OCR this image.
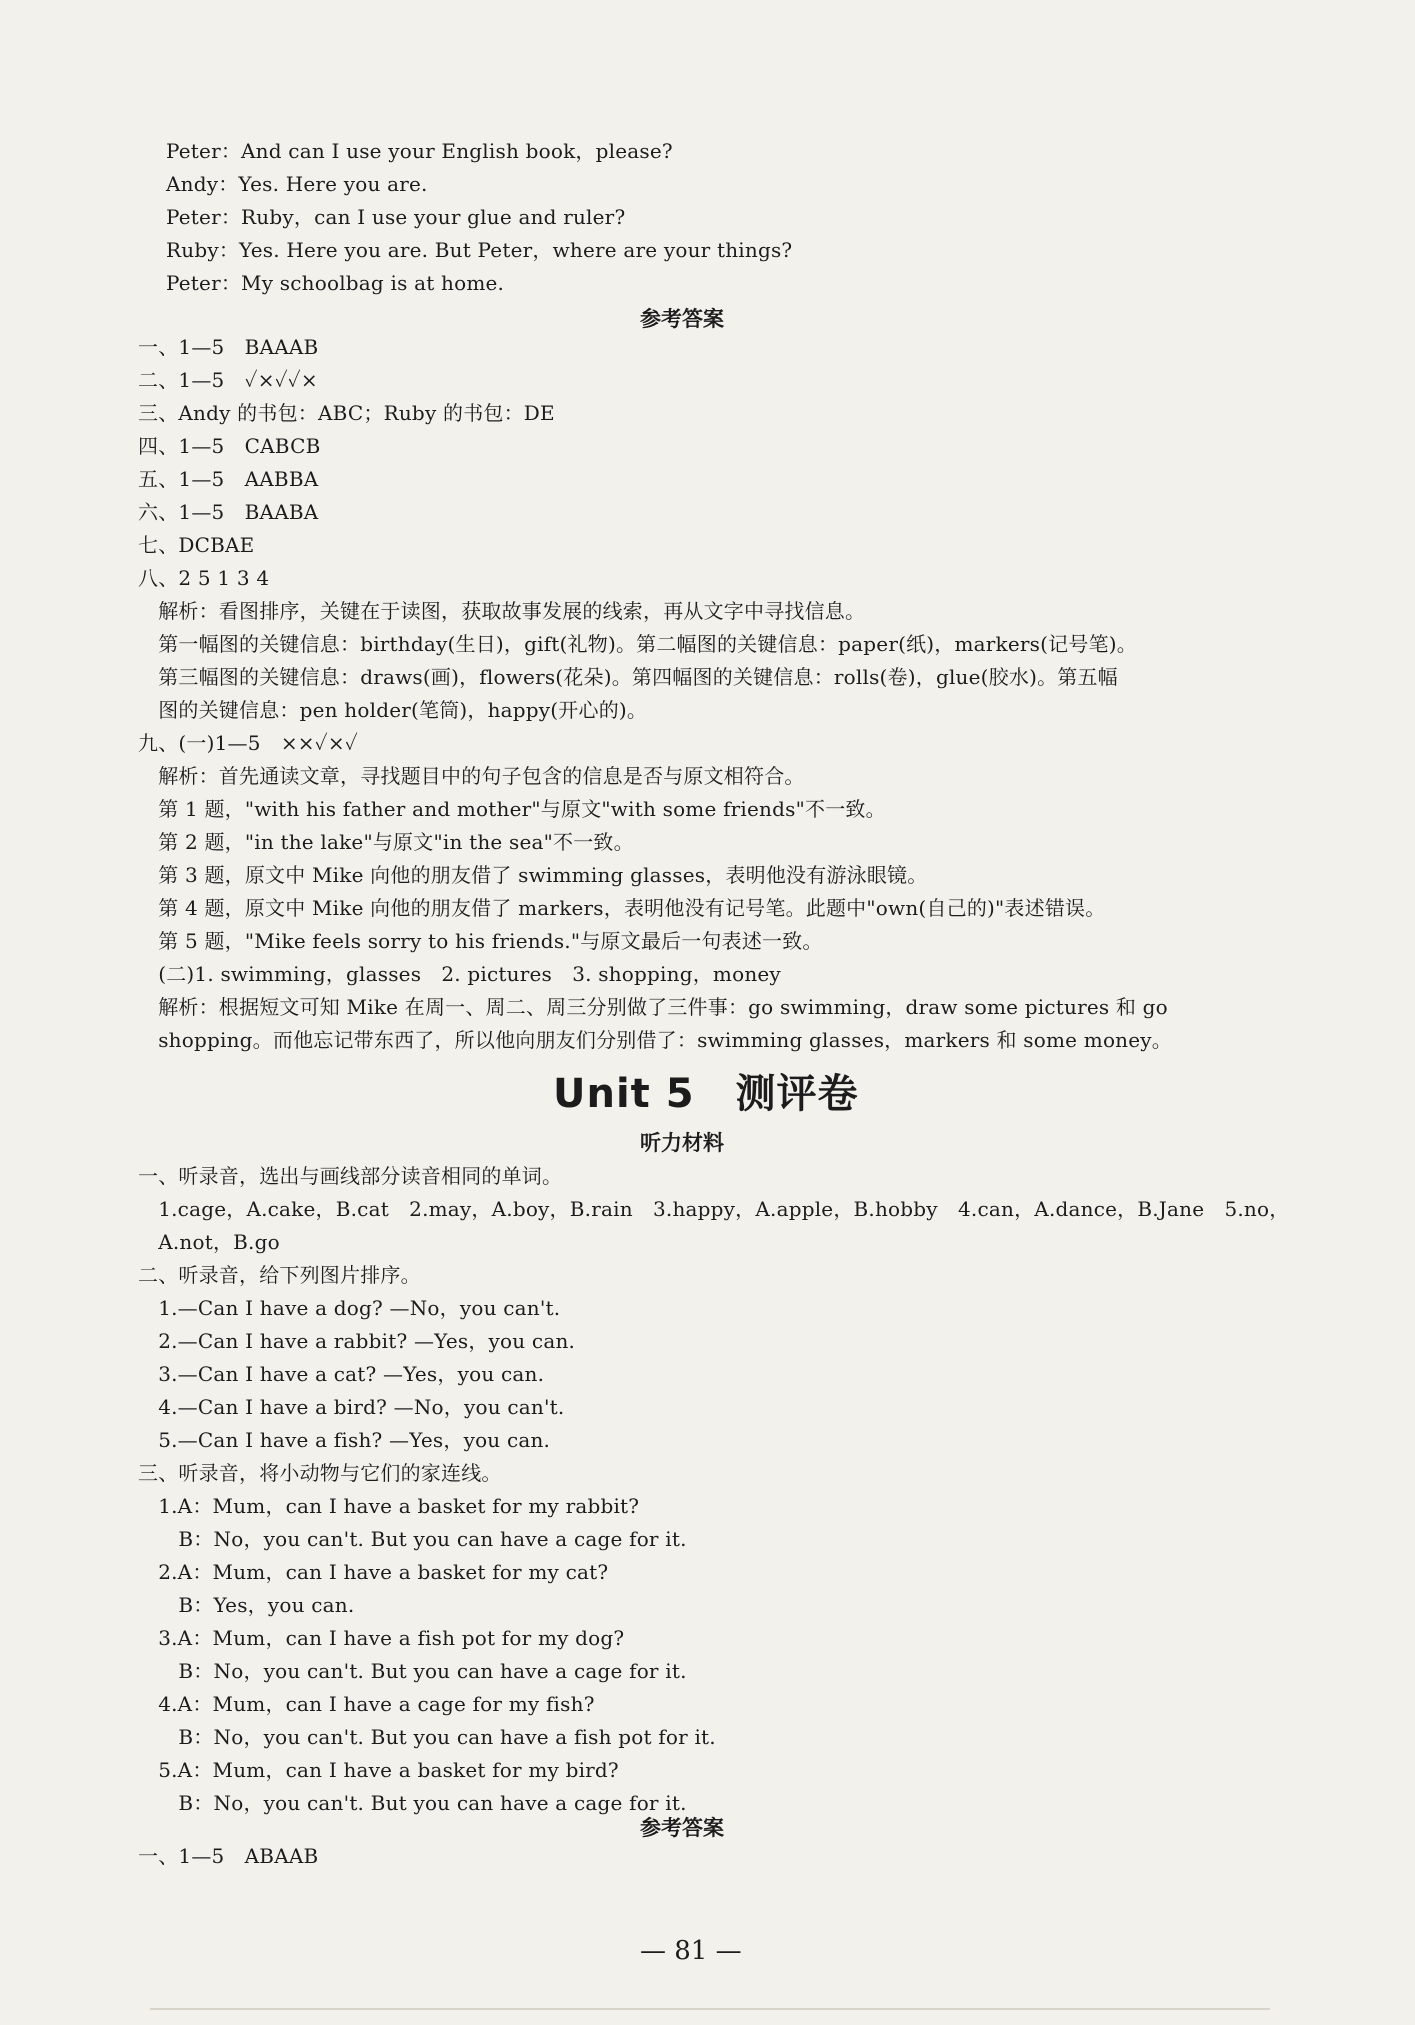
Peter：And can I use your English book，please?
Andy：Yes. Here you are.
Peter：Ruby，can I use your glue and ruler?
Ruby：Yes. Here you are. But Peter，where are your things?
Peter：My schoolbag is at home.
参考答案
一、1—5　BAAAB
二、1—5　✓×✓✓×
三、Andy 的书包：ABC；Ruby 的书包：DE
四、1—5　CABCB
五、1—5　AABBA
六、1—5　BAABA
七、DCBAE
八、2 5 1 3 4
　解析：看图排序，关键在于读图，获取故事发展的线索，再从文字中寻找信息。
　第一幅图的关键信息：birthday(生日)，gift(礼物)。第二幅图的关键信息：paper(纸)，markers(记号笔)。
　第三幅图的关键信息：draws(画)，flowers(花朵)。第四幅图的关键信息：rolls(卷)，glue(胶水)。第五幅
　图的关键信息：pen holder(笔筒)，happy(开心的)。
九、(一)1—5　××✓×✓
　解析：首先通读文章，寻找题目中的句子包含的信息是否与原文相符合。
　第 1 题，"with his father and mother"与原文"with some friends"不一致。
　第 2 题，"in the lake"与原文"in the sea"不一致。
　第 3 题，原文中 Mike 向他的朋友借了 swimming glasses，表明他没有游泳眼镜。
　第 4 题，原文中 Mike 向他的朋友借了 markers，表明他没有记号笔。此题中"own(自己的)"表述错误。
　第 5 题，"Mike feels sorry to his friends."与原文最后一句表述一致。
　(二)1. swimming，glasses　2. pictures　3. shopping，money
　解析：根据短文可知 Mike 在周一、周二、周三分别做了三件事：go swimming，draw some pictures 和 go
　shopping。而他忘记带东西了，所以他向朋友们分别借了：swimming glasses，markers 和 some money。
Unit 5　测评卷
听力材料
一、听录音，选出与画线部分读音相同的单词。
　1.cage，A.cake，B.cat　2.may，A.boy，B.rain　3.happy，A.apple，B.hobby　4.can，A.dance，B.Jane　5.no，
　A.not，B.go
二、听录音，给下列图片排序。
　1.—Can I have a dog? —No，you can't.
　2.—Can I have a rabbit? —Yes，you can.
　3.—Can I have a cat? —Yes，you can.
　4.—Can I have a bird? —No，you can't.
　5.—Can I have a fish? —Yes，you can.
三、听录音，将小动物与它们的家连线。
　1.A：Mum，can I have a basket for my rabbit?
　　B：No，you can't. But you can have a cage for it.
　2.A：Mum，can I have a basket for my cat?
　　B：Yes，you can.
　3.A：Mum，can I have a fish pot for my dog?
　　B：No，you can't. But you can have a cage for it.
　4.A：Mum，can I have a cage for my fish?
　　B：No，you can't. But you can have a fish pot for it.
　5.A：Mum，can I have a basket for my bird?
　　B：No，you can't. But you can have a cage for it.
参考答案
一、1—5　ABAAB
— 81 —
